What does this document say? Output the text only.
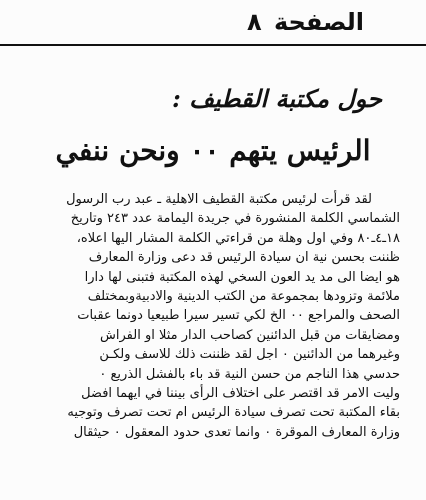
الصفحة ٨
حول مكتبة القطيف :
الرئيس يتهم ٠٠ ونحن ننفي
لقد قرأت لرئيس مكتبة القطيف الاهلية ـ عبد رب الرسول
الشماسي الكلمة المنشورة في جريدة اليمامة عدد ٢٤٣ وتاريخ
١٨ـ٤ـ٨٠ وفي اول وهلة من قراءتي الكلمة المشار اليها اعلاه،
ظننت بحسن نية ان سيادة الرئيس قد دعى وزارة المعارف
هو ايضا الى مد يد العون السخي لهذه المكتبة فتبنى لها دارا
ملائمة وتزودها بمجموعة من الكتب الدينية والادبيةوبمختلف
الصحف والمراجع ٠٠ الخ لكي تسير سيرا طبيعيا دونما عقبات
ومضايقات من قبل الدائنين كصاحب الدار مثلا او الفراش
وغيرهما من الدائنين ٠ اجل لقد ظننت ذلك للاسف ولكـن
حدسي هذا الناجم من حسن النية قد باء بالفشل الذريع ٠
وليت الامر قد اقتصر على اختلاف الرأى بيننا في ايهما افضل
بقاء المكتبة تحت تصرف سيادة الرئيس ام تحت تصرف وتوجيه
وزارة المعارف الموقرة ٠ وانما تعدى حدود المعقول ٠ حيثقال
